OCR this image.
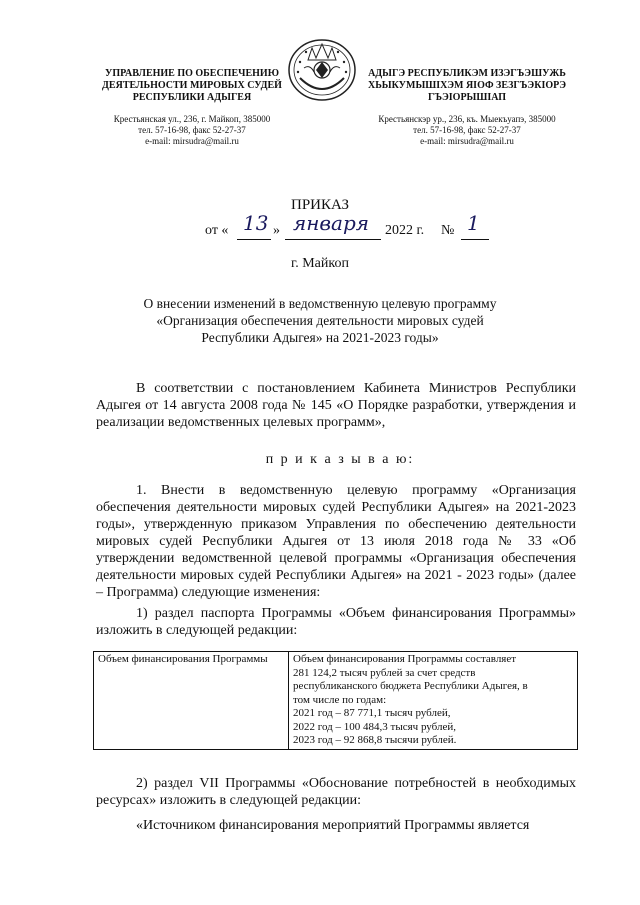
УПРАВЛЕНИЕ ПО ОБЕСПЕЧЕНИЮ
ДЕЯТЕЛЬНОСТИ МИРОВЫХ СУДЕЙ
РЕСПУБЛИКИ АДЫГЕЯ
Крестьянская ул., 236, г. Майкоп, 385000
тел. 57-16-98, факс 52-27-37
e-mail: mirsudra@mail.ru
АДЫГЭ РЕСПУБЛИКЭМ ИЗЭГЪЭШУЖЬ
ХЬЫКУМЫШІХЭМ ЯІОФ ЗЕЗГЪЭКІОРЭ
ГЪЭІОРЫШІАП
Крестьянскэр ур., 236, къ. Мыекъуапэ, 385000
тел. 57-16-98, факс 52-27-37
e-mail: mirsudra@mail.ru
ПРИКАЗ
от « 13 » января 2022 г. № 1
г. Майкоп
О внесении изменений в ведомственную целевую программу
«Организация обеспечения деятельности мировых судей
Республики Адыгея» на 2021-2023 годы»
В соответствии с постановлением Кабинета Министров Республики Адыгея от 14 августа 2008 года № 145 «О Порядке разработки, утверждения и реализации ведомственных целевых программ»,
п р и к а з ы в а ю:
1. Внести в ведомственную целевую программу «Организация обеспечения деятельности мировых судей Республики Адыгея» на 2021-2023 годы», утвержденную приказом Управления по обеспечению деятельности мировых судей Республики Адыгея от 13 июля 2018 года № 33 «Об утверждении ведомственной целевой программы «Организация обеспечения деятельности мировых судей Республики Адыгея» на 2021 - 2023 годы» (далее – Программа) следующие изменения:
1) раздел паспорта Программы «Объем финансирования Программы» изложить в следующей редакции:
Объем финансирования Программы	Объем финансирования Программы составляет
281 124,2 тысяч рублей за счет средств
республиканского бюджета Республики Адыгея, в
том числе по годам:
2021 год – 87 771,1 тысяч рублей,
2022 год – 100 484,3 тысяч рублей,
2023 год – 92 868,8 тысячи рублей.
2) раздел VII Программы «Обоснование потребностей в необходимых ресурсах» изложить в следующей редакции:
«Источником финансирования мероприятий Программы является
